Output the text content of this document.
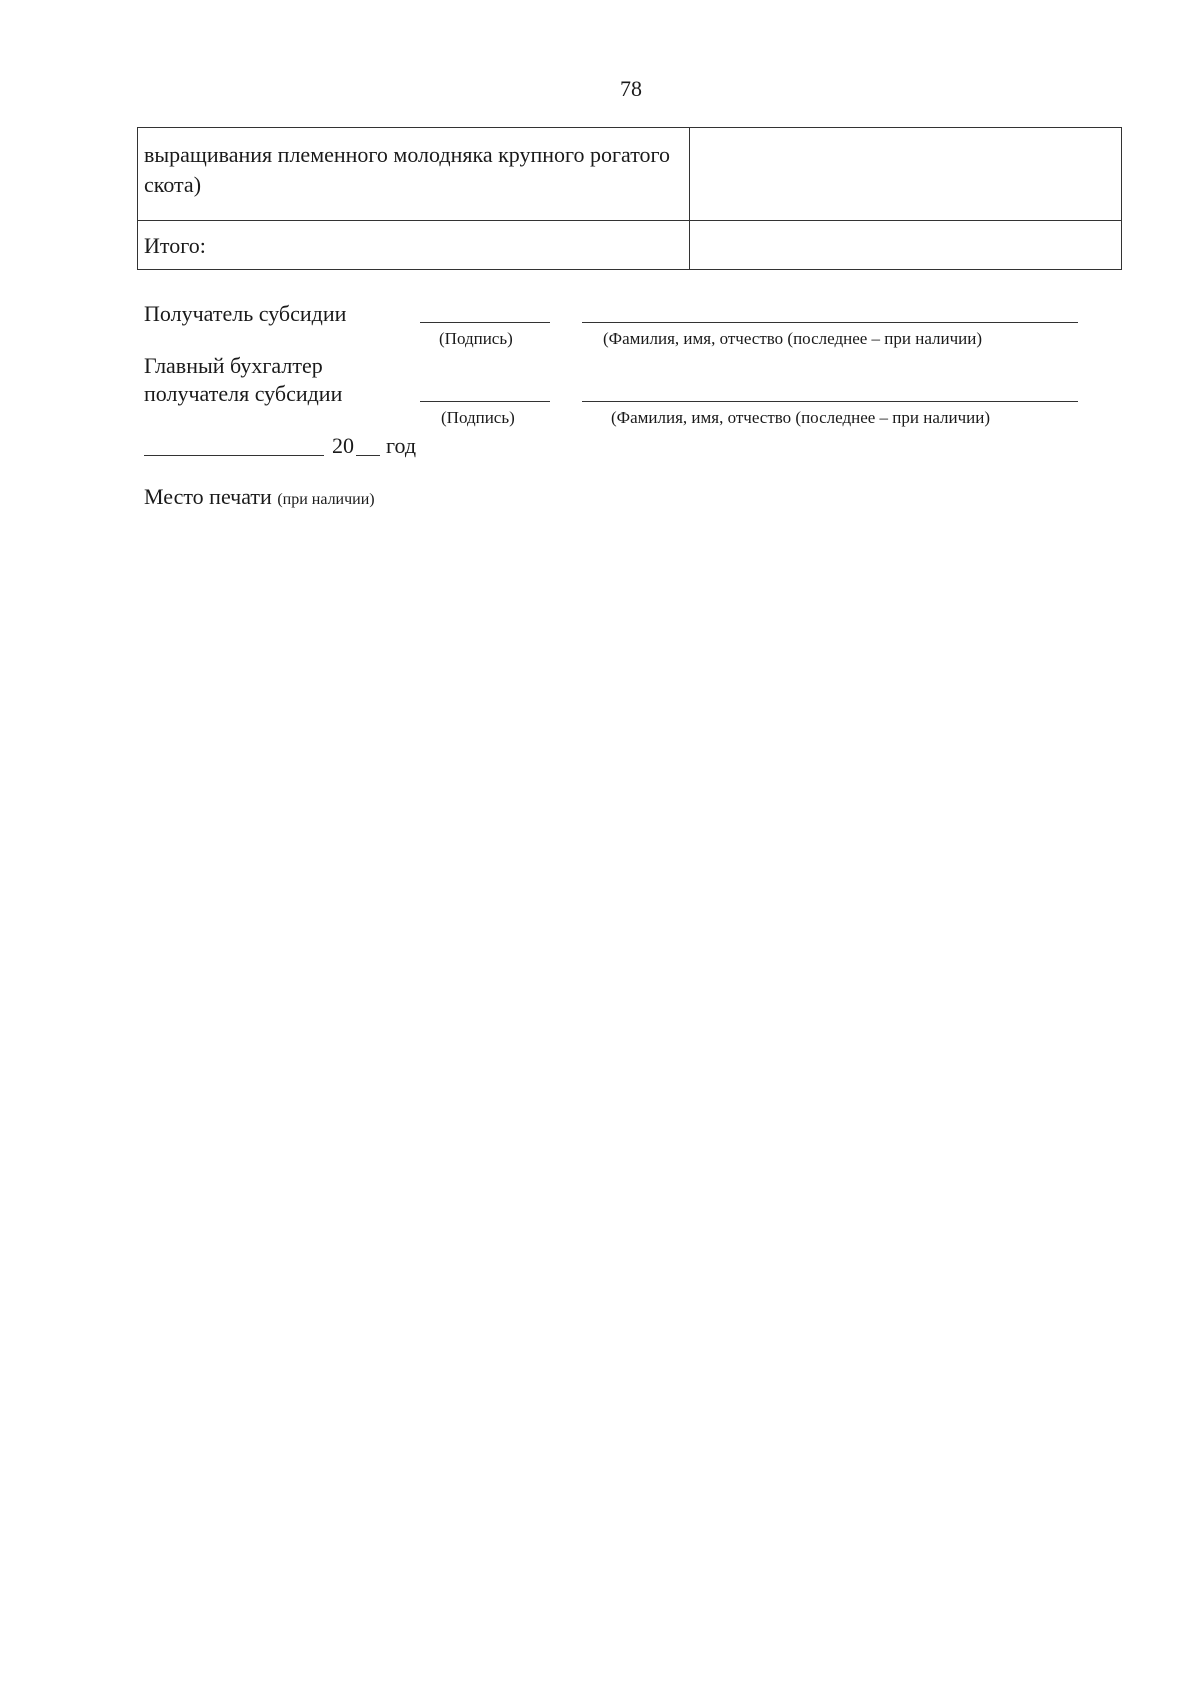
78
выращивания племенного молодняка крупного рогатого скота)	
Итого:	
Получатель субсидии
(Подпись)	(Фамилия, имя, отчество (последнее – при наличии)
Главный бухгалтер
получателя субсидии
(Подпись)	(Фамилия, имя, отчество (последнее – при наличии)
20 год
Место печати (при наличии)
